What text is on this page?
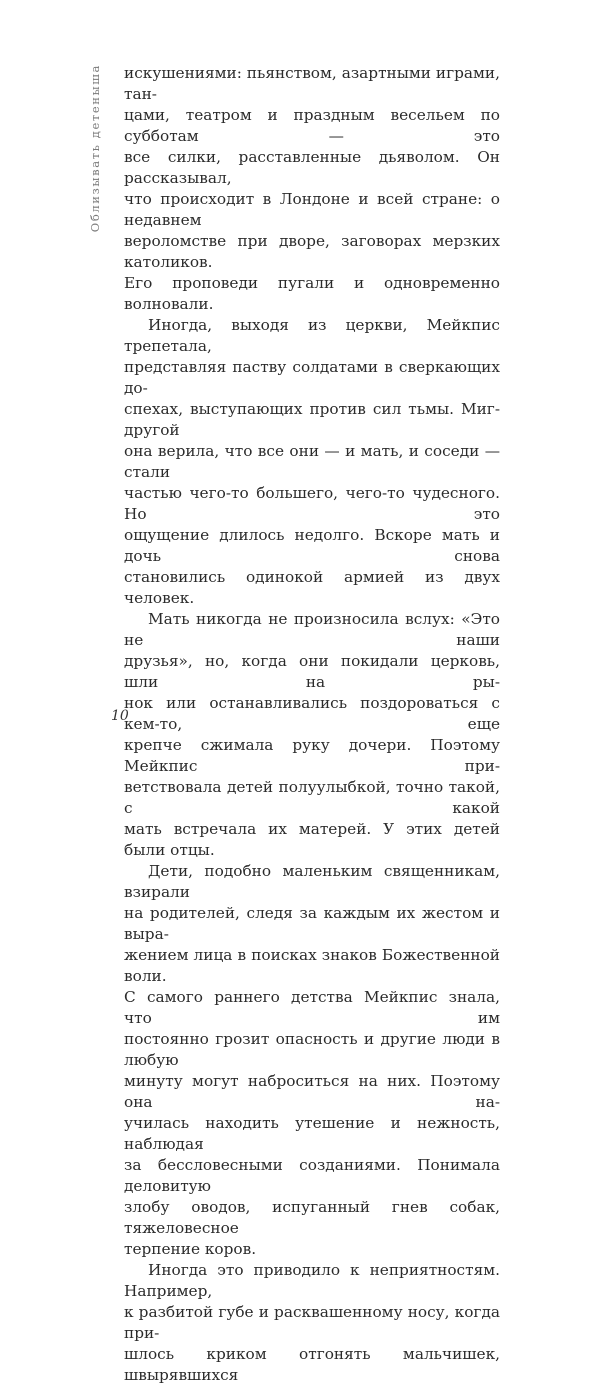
Облизывать детеныша искушениями: пьянством, азартными играми, тан-
цами, театром и праздным весельем по субботам — это
все силки, расставленные дьяволом. Он рассказывал,
что происходит в Лондоне и всей стране: о недавнем
вероломстве при дворе, заговорах мерзких католиков.
Его проповеди пугали и одновременно волновали.

Иногда, выходя из церкви, Мейкпис трепетала,
представляя паству солдатами в сверкающих до-
спехах, выступающих против сил тьмы. Миг-другой
она верила, что все они — и мать, и соседи — стали
частью чего-то большего, чего-то чудесного. Но это
ощущение длилось недолго. Вскоре мать и дочь снова
становились одинокой армией из двух человек.

Мать никогда не произносила вслух: «Это не наши
друзья», но, когда они покидали церковь, шли на ры-
нок или останавливались поздороваться с кем-то, еще
крепче сжимала руку дочери. Поэтому Мейкпис при-
ветствовала детей полуулыбкой, точно такой, с какой
мать встречала их матерей. У этих детей были отцы.

Дети, подобно маленьким священникам, взирали
на родителей, следя за каждым их жестом и выра-
жением лица в поисках знаков Божественной воли.
С самого раннего детства Мейкпис знала, что им
постоянно грозит опасность и другие люди в любую
минуту могут наброситься на них. Поэтому она на-
училась находить утешение и нежность, наблюдая
за бессловесными созданиями. Понимала деловитую
злобу оводов, испуганный гнев собак, тяжеловесное
терпение коров.

Иногда это приводило к неприятностям. Например,
к разбитой губе и расквашенному носу, когда при-
шлось криком отгонять мальчишек, швырявшихся

10
